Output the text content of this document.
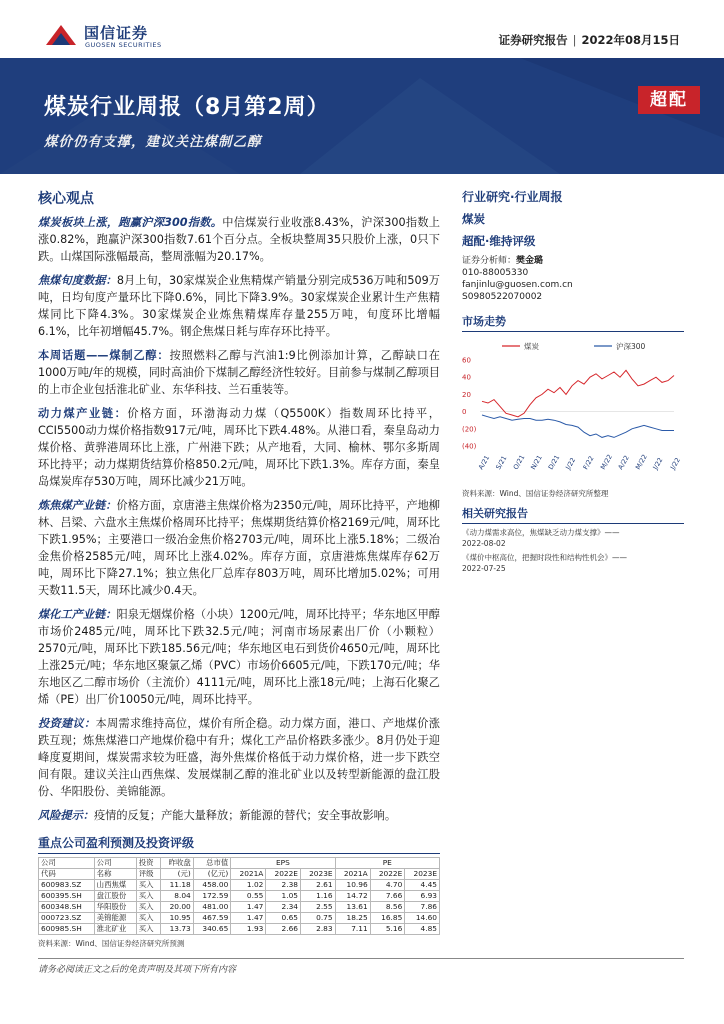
国信证券
GUOSEN SECURITIES	证券研究报告 | 2022年08月15日
煤炭行业周报（8月第2周）
煤价仍有支撑，建议关注煤制乙醇
超配
核心观点
煤炭板块上涨，跑赢沪深300指数。中信煤炭行业收涨8.43%，沪深300指数上涨0.82%，跑赢沪深300指数7.61个百分点。全板块整周35只股价上涨，0只下跌。山煤国际涨幅最高，整周涨幅为20.17%。
焦煤旬度数据：8月上旬，30家煤炭企业焦精煤产销量分别完成536万吨和509万吨，日均旬度产量环比下降0.6%，同比下降3.9%。30家煤炭企业累计生产焦精煤同比下降4.3%。30家煤炭企业炼焦精煤库存量255万吨，旬度环比增幅6.1%，比年初增幅45.7%。钢企焦煤日耗与库存环比持平。
本周话题——煤制乙醇：按照燃料乙醇与汽油1:9比例添加计算，乙醇缺口在1000万吨/年的规模，同时高油价下煤制乙醇经济性较好。目前参与煤制乙醇项目的上市企业包括淮北矿业、东华科技、兰石重装等。
动力煤产业链：价格方面，环渤海动力煤（Q5500K）指数周环比持平，CCI5500动力煤价格指数917元/吨，周环比下跌4.48%。从港口看，秦皇岛动力煤价格、黄骅港周环比上涨，广州港下跌；从产地看，大同、榆林、鄂尔多斯周环比持平；动力煤期货结算价格850.2元/吨，周环比下跌1.3%。库存方面，秦皇岛煤炭库存530万吨，周环比减少21万吨。
炼焦煤产业链：价格方面，京唐港主焦煤价格为2350元/吨，周环比持平，产地柳林、吕梁、六盘水主焦煤价格周环比持平；焦煤期货结算价格2169元/吨，周环比下跌1.95%；主要港口一级冶金焦价格2703元/吨，周环比上涨5.18%；二级冶金焦价格2585元/吨，周环比上涨4.02%。库存方面，京唐港炼焦煤库存62万吨，周环比下降27.1%；独立焦化厂总库存803万吨，周环比增加5.02%；可用天数11.5天，周环比减少0.4天。
煤化工产业链：阳泉无烟煤价格（小块）1200元/吨，周环比持平；华东地区甲醇市场价2485元/吨，周环比下跌32.5元/吨；河南市场尿素出厂价（小颗粒）2570元/吨，周环比下跌185.56元/吨；华东地区电石到货价4650元/吨，周环比上涨25元/吨；华东地区聚氯乙烯（PVC）市场价6605元/吨，下跌170元/吨；华东地区乙二醇市场价（主流价）4111元/吨，周环比上涨18元/吨；上海石化聚乙烯（PE）出厂价10050元/吨，周环比持平。
投资建议：本周需求维持高位，煤价有所企稳。动力煤方面，港口、产地煤价涨跌互现；炼焦煤港口产地煤价稳中有升；煤化工产品价格跌多涨少。8月仍处于迎峰度夏期间，煤炭需求较为旺盛，海外焦煤价格低于动力煤价格，进一步下跌空间有限。建议关注山西焦煤、发展煤制乙醇的淮北矿业以及转型新能源的盘江股份、华阳股份、美锦能源。
风险提示：疫情的反复；产能大量释放；新能源的替代；安全事故影响。
行业研究·行业周报
煤炭
超配·维持评级
证券分析师：樊金璐
010-88005330
fanjinlu@guosen.com.cn
S0980522070002
市场走势
煤炭	沪深300
60
40
20
0
(20)
(40)
A/21 S/21 O/21 N/21 D/21 J/22 F/22 M/22 A/22 M/22 J/22 J/22
资料来源：Wind、国信证券经济研究所整理
相关研究报告
《动力煤需求高位，焦煤缺乏动力煤支撑》——
2022-08-02
《煤价中枢高位，把握时段性和结构性机会》——
2022-07-25
重点公司盈利预测及投资评级
公司	公司	投资	昨收盘	总市值	EPS			PE		
代码	名称	评级	(元)	(亿元)	2021A	2022E	2023E	2021A	2022E	2023E
600983.SZ	山西焦煤	买入	11.18	458.00	1.02	2.38	2.61	10.96	4.70	4.45
600395.SH	盘江股份	买入	8.04	172.59	0.55	1.05	1.16	14.72	7.66	6.93
600348.SH	华阳股份	买入	20.00	481.00	1.47	2.34	2.55	13.61	8.56	7.86
000723.SZ	美锦能源	买入	10.95	467.59	1.47	0.65	0.75	18.25	16.85	14.60
600985.SH	淮北矿业	买入	13.73	340.65	1.93	2.66	2.83	7.11	5.16	4.85
资料来源：Wind、国信证券经济研究所预测
请务必阅读正文之后的免责声明及其项下所有内容
